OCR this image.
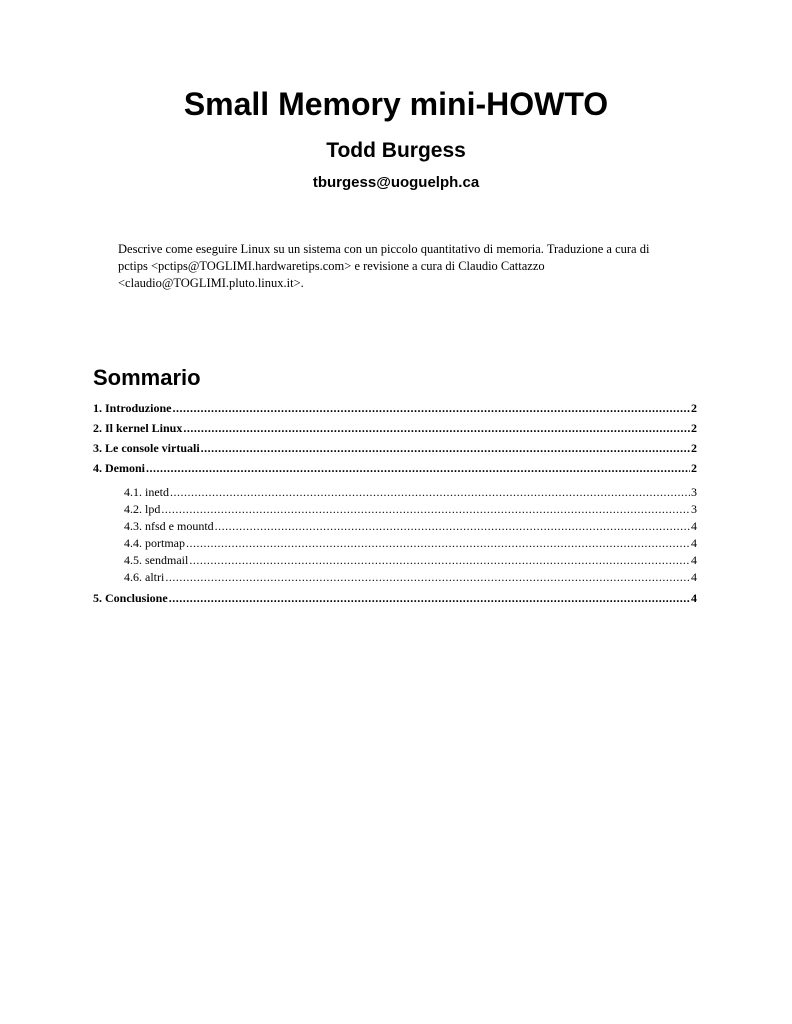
Small Memory mini-HOWTO
Todd Burgess

tburgess@uoguelph.ca

Descrive come eseguire Linux su un sistema con un piccolo quantitativo di memoria. Traduzione a cura di pctips <pctips@TOGLIMI.hardwaretips.com> e revisione a cura di Claudio Cattazzo <claudio@TOGLIMI.pluto.linux.it>.

Sommario
1. Introduzione .....	2
2. Il kernel Linux .....	2
3. Le console virtuali .....	2
4. Demoni .....	2
4.1. inetd .....	3
4.2. lpd .....	3
4.3. nfsd e mountd .....	4
4.4. portmap .....	4
4.5. sendmail .....	4
4.6. altri .....	4
5. Conclusione .....	4
